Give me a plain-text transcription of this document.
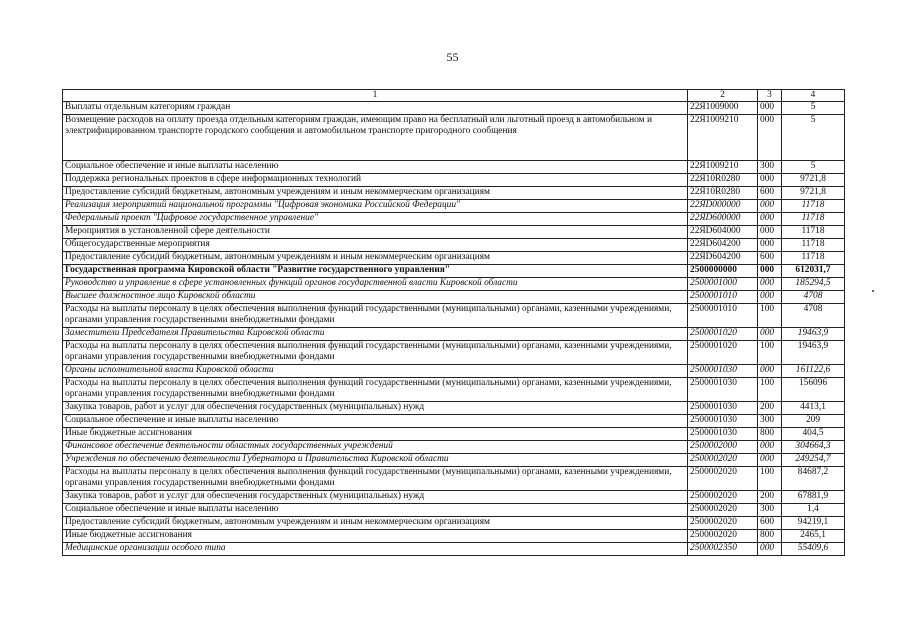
55
1	2	3	4
Выплаты отдельным категориям граждан	22Я1009000	000	5
Возмещение расходов на оплату проезда отдельным категориям граждан, имеющим право на бесплатный или льготный проезд в автомобильном и электрифицированном транспорте городского сообщения и автомобильном транспорте пригородного сообщения	22Я1009210	000	5
Социальное обеспечение и иные выплаты населению	22Я1009210	300	5
Поддержка региональных проектов в сфере информационных технологий	22Я10R0280	000	9721,8
Предоставление субсидий бюджетным, автономным учреждениям и иным некоммерческим организациям	22Я10R0280	600	9721,8
Реализация мероприятий национальной программы "Цифровая экономика Российской Федерации"	22ЯD000000	000	11718
Федеральный проект "Цифровое государственное управление"	22ЯD600000	000	11718
Мероприятия в установленной сфере деятельности	22ЯD604000	000	11718
Общегосударственные мероприятия	22ЯD604200	000	11718
Предоставление субсидий бюджетным, автономным учреждениям и иным некоммерческим организациям	22ЯD604200	600	11718
Государственная программа Кировской области "Развитие государственного управления"	2500000000	000	612031,7
Руководство и управление в сфере установленных функций органов государственной власти Кировской области	2500001000	000	185294,5
Высшее должностное лицо Кировской области	2500001010	000	4708
Расходы на выплаты персоналу в целях обеспечения выполнения функций государственными (муниципальными) органами, казенными учреждениями, органами управления государственными внебюджетными фондами	2500001010	100	4708
Заместители Председателя Правительства Кировской области	2500001020	000	19463,9
Расходы на выплаты персоналу в целях обеспечения выполнения функций государственными (муниципальными) органами, казенными учреждениями, органами управления государственными внебюджетными фондами	2500001020	100	19463,9
Органы исполнительной власти Кировской области	2500001030	000	161122,6
Расходы на выплаты персоналу в целях обеспечения выполнения функций государственными (муниципальными) органами, казенными учреждениями, органами управления государственными внебюджетными фондами	2500001030	100	156096
Закупка товаров, работ и услуг для обеспечения государственных (муниципальных) нужд	2500001030	200	4413,1
Социальное обеспечение и иные выплаты населению	2500001030	300	209
Иные бюджетные ассигнования	2500001030	800	404,5
Финансовое обеспечение деятельности областных государственных учреждений	2500002000	000	304664,3
Учреждения по обеспечению деятельности Губернатора и Правительства Кировской области	2500002020	000	249254,7
Расходы на выплаты персоналу в целях обеспечения выполнения функций государственными (муниципальными) органами, казенными учреждениями, органами управления государственными внебюджетными фондами	2500002020	100	84687,2
Закупка товаров, работ и услуг для обеспечения государственных (муниципальных) нужд	2500002020	200	67881,9
Социальное обеспечение и иные выплаты населению	2500002020	300	1,4
Предоставление субсидий бюджетным, автономным учреждениям и иным некоммерческим организациям	2500002020	600	94219,1
Иные бюджетные ассигнования	2500002020	800	2465,1
Медицинские организации особого типа	2500002350	000	55409,6
